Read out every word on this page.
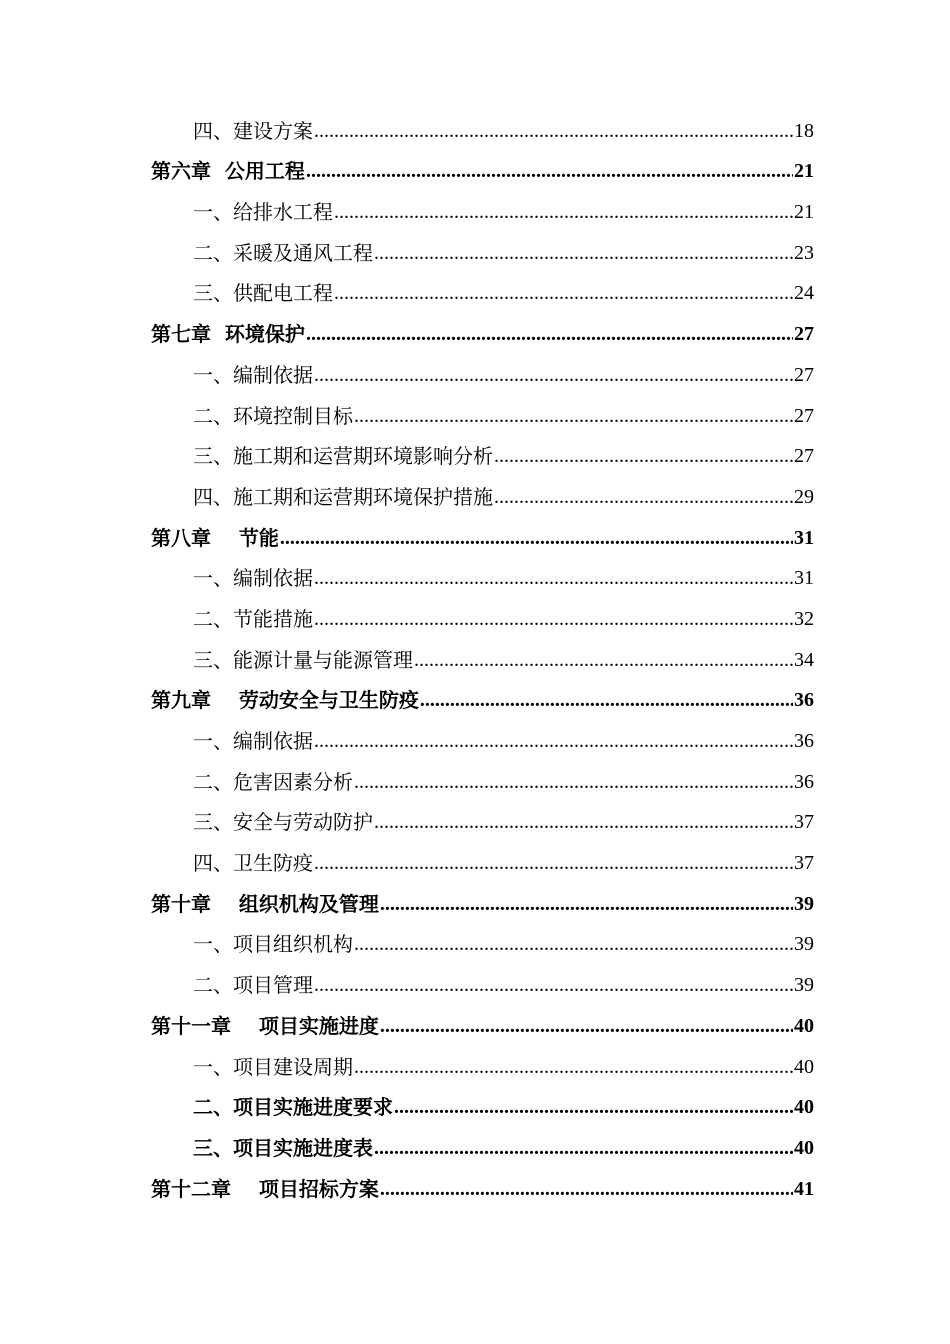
四、建设方案 .....	18
第六章  公用工程 .....	21
一、给排水工程 .....	21
二、采暖及通风工程 .....	23
三、供配电工程 .....	24
第七章  环境保护 .....	27
一、编制依据 .....	27
二、环境控制目标 .....	27
三、施工期和运营期环境影响分析 .....	27
四、施工期和运营期环境保护措施 .....	29
第八章    节能 .....	31
一、编制依据 .....	31
二、节能措施 .....	32
三、能源计量与能源管理 .....	34
第九章    劳动安全与卫生防疫 .....	36
一、编制依据 .....	36
二、危害因素分析 .....	36
三、安全与劳动防护 .....	37
四、卫生防疫 .....	37
第十章    组织机构及管理 .....	39
一、项目组织机构 .....	39
二、项目管理 .....	39
第十一章    项目实施进度 .....	40
一、项目建设周期 .....	40
二、项目实施进度要求 .....	40
三、项目实施进度表 .....	40
第十二章    项目招标方案 .....	41
